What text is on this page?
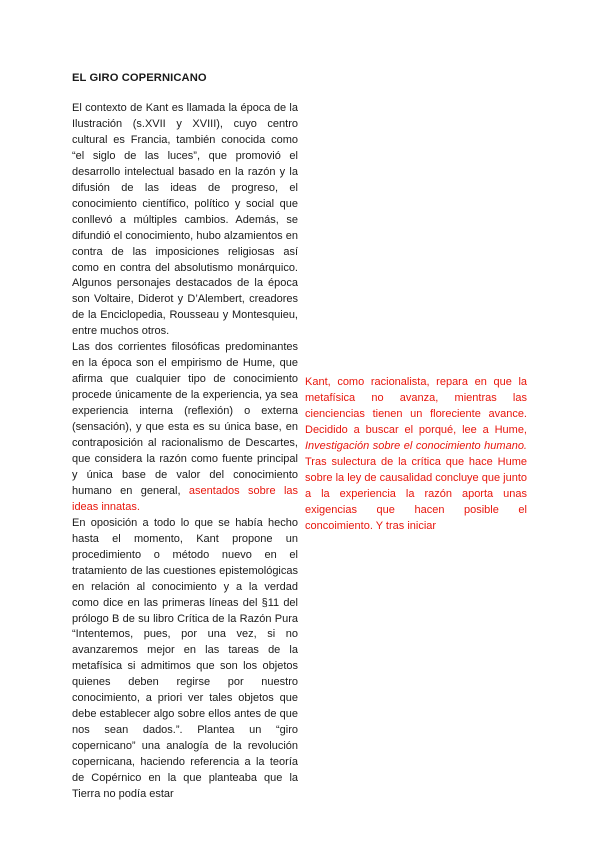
EL GIRO COPERNICANO

El contexto de Kant es llamada la época de la Ilustración (s.XVII y XVIII), cuyo centro cultural es Francia, también conocida como “el siglo de las luces”, que promovió el desarrollo intelectual basado en la razón y la difusión de las ideas de progreso, el conocimiento científico, político y social que conllevó a múltiples cambios. Además, se difundió el conocimiento, hubo alzamientos en contra de las imposiciones religiosas así como en contra del absolutismo monárquico. Algunos personajes destacados de la época son Voltaire, Diderot y D’Alembert, creadores de la Enciclopedia, Rousseau y Montesquieu, entre muchos otros.

Las dos corrientes filosóficas predominantes en la época son el empirismo de Hume, que afirma que cualquier tipo de conocimiento procede únicamente de la experiencia, ya sea experiencia interna (reflexión) o externa (sensación), y que esta es su única base, en contraposición al racionalismo de Descartes, que considera la razón como fuente principal y única base de valor del conocimiento humano en general, asentados sobre las ideas innatas.

En oposición a todo lo que se había hecho hasta el momento, Kant propone un procedimiento o método nuevo en el tratamiento de las cuestiones epistemológicas en relación al conocimiento y a la verdad como dice en las primeras líneas del §11 del prólogo B de su libro Crítica de la Razón Pura “Intentemos, pues, por una vez, si no avanzaremos mejor en las tareas de la metafísica si admitimos que son los objetos quienes deben regirse por nuestro conocimiento, a priori ver tales objetos que debe establecer algo sobre ellos antes de que nos sean dados.”. Plantea un “giro copernicano” una analogía de la revolución copernicana, haciendo referencia a la teoría de Copérnico en la que planteaba que la Tierra no podía estar

Kant, como racionalista, repara en que la metafísica no avanza, mientras las cienciencias tienen un floreciente avance. Decidido a buscar el porqué, lee a Hume, Investigación sobre el conocimiento humano. Tras sulectura de la crítica que hace Hume sobre la ley de causalidad concluye que junto a la experiencia la razón aporta unas exigencias que hacen posible el concoimiento. Y tras iniciar
